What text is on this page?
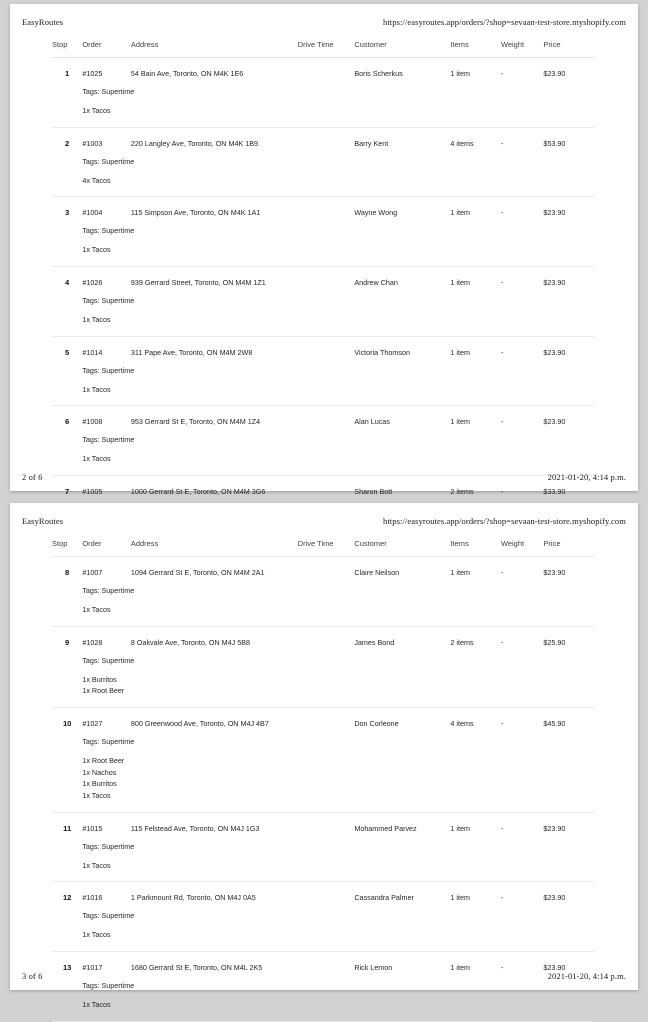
EasyRoutes	https://easyroutes.app/orders/?shop=sevaan-test-store.myshopify.com
Stop	Order	Address	Drive Time	Customer	Items	Weight	Price
1	#1025
Tags: Supertime
1x Tacos	54 Bain Ave, Toronto, ON M4K 1E6		Boris Scherkus	1 item	-	$23.90
2	#1003
Tags: Supertime
4x Tacos	220 Langley Ave, Toronto, ON M4K 1B9		Barry Kent	4 items	-	$53.90
3	#1004
Tags: Supertime
1x Tacos	115 Simpson Ave, Toronto, ON M4K 1A1		Wayne Wong	1 item	-	$23.90
4	#1026
Tags: Supertime
1x Tacos	939 Gerrard Street, Toronto, ON M4M 1Z1		Andrew Chan	1 item	-	$23.90
5	#1014
Tags: Supertime
1x Tacos	311 Pape Ave, Toronto, ON M4M 2W8		Victoria Thomson	1 item	-	$23.90
6	#1008
Tags: Supertime
1x Tacos	953 Gerrard St E, Toronto, ON M4M 1Z4		Alan Lucas	1 item	-	$23.90
7	#1005	1000 Gerrard St E, Toronto, ON M4M 3G6		Sharon Bott	2 items	-	$33.90
2 of 6	2021-01-20, 4:14 p.m.
EasyRoutes	https://easyroutes.app/orders/?shop=sevaan-test-store.myshopify.com
Stop	Order	Address	Drive Time	Customer	Items	Weight	Price
8	#1007
Tags: Supertime
1x Tacos	1094 Gerrard St E, Toronto, ON M4M 2A1		Claire Neilson	1 item	-	$23.90
9	#1028
Tags: Supertime
1x Burritos
1x Root Beer	8 Oakvale Ave, Toronto, ON M4J 5B8		James Bond	2 items	-	$25.90
10	#1027
Tags: Supertime
1x Root Beer
1x Nachos
1x Burritos
1x Tacos
	800 Greenwood Ave, Toronto, ON M4J 4B7		Don Corleone	4 items	-	$45.90
11	#1015
Tags: Supertime
1x Tacos	115 Felstead Ave, Toronto, ON M4J 1G3		Mohammed Parvez	1 item	-	$23.90
12	#1016
Tags: Supertime
1x Tacos	1 Parkmount Rd, Toronto, ON M4J 0A5		Cassandra Palmer	1 item	-	$23.90
13	#1017
Tags: Supertime
1x Tacos	1680 Gerrard St E, Toronto, ON M4L 2K5		Rick Lemon	1 item	-	$23.90
3 of 6	2021-01-20, 4:14 p.m.
